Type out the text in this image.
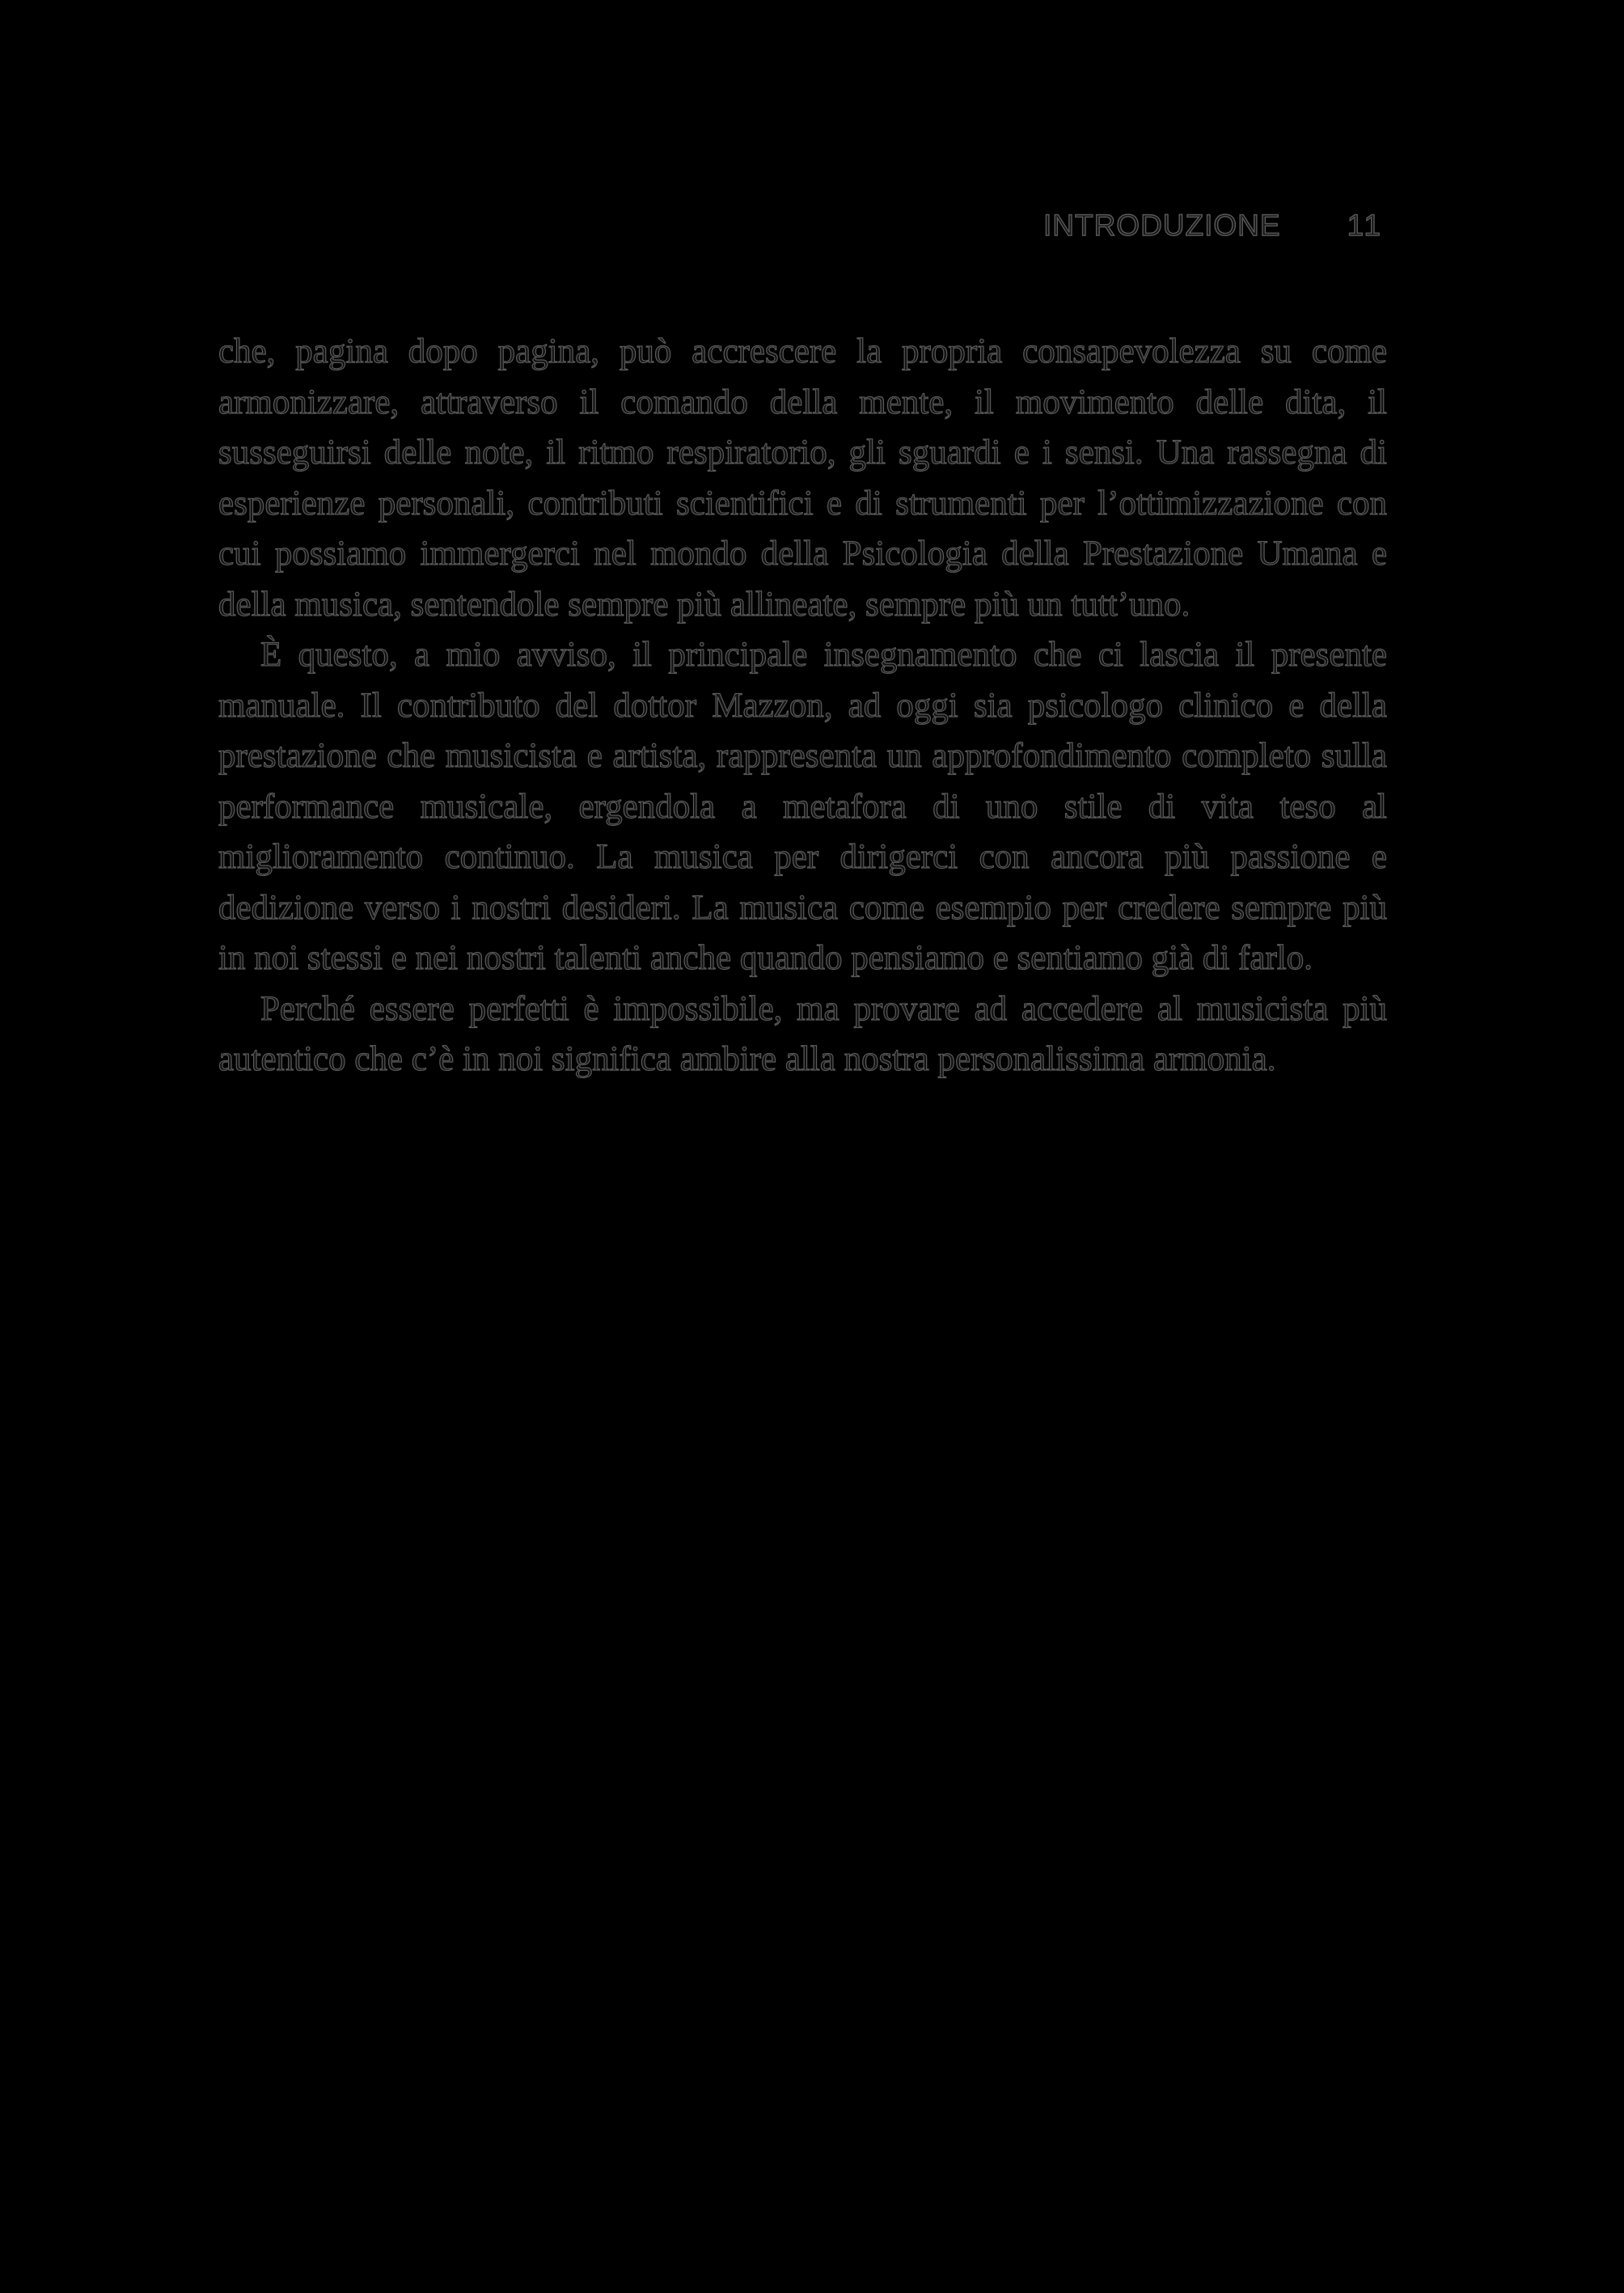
INTRODUZIONE 11

che, pagina dopo pagina, può accrescere la propria consapevolezza su come armonizzare, attraverso il comando della mente, il movimento delle dita, il susseguirsi delle note, il ritmo respiratorio, gli sguardi e i sensi. Una rassegna di esperienze personali, contributi scientifici e di strumenti per l’ottimizzazione con cui possiamo immergerci nel mondo della Psicologia della Prestazione Umana e della musica, sentendole sempre più allineate, sempre più un tutt’uno.

È questo, a mio avviso, il principale insegnamento che ci lascia il presente manuale. Il contributo del dottor Mazzon, ad oggi sia psicologo clinico e della prestazione che musicista e artista, rappresenta un approfondimento completo sulla performance musicale, ergendola a metafora di uno stile di vita teso al miglioramento continuo. La musica per dirigerci con ancora più passione e dedizione verso i nostri desideri. La musica come esempio per credere sempre più in noi stessi e nei nostri talenti anche quando pensiamo e sentiamo già di farlo.

Perché essere perfetti è impossibile, ma provare ad accedere al musicista più autentico che c’è in noi significa ambire alla nostra personalissima armonia.
